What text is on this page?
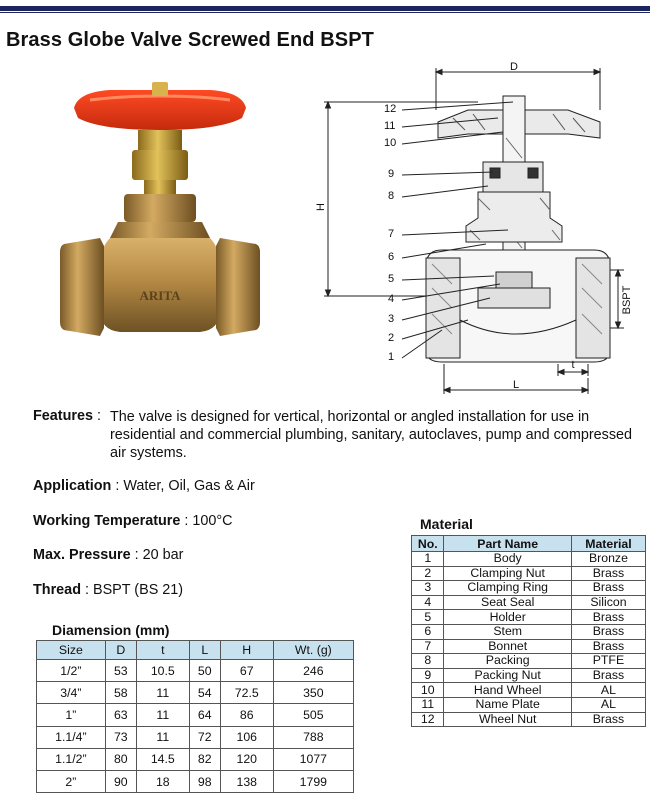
Brass Globe Valve Screwed End BSPT
ARITA
D
H
L
t
BSPT
12
11
10
9
8
7
6
5
4
3
2
1
Features : The valve is designed for vertical, horizontal or angled installation for use in residential and commercial plumbing, sanitary, autoclaves, pump and compressed air systems.
Application : Water, Oil, Gas & Air
Working Temperature : 100°C
Max. Pressure : 20 bar
Thread : BSPT (BS 21)
Diamension (mm)
Size	D	t	L	H	Wt. (g)
1/2”	53	10.5	50	67	246
3/4”	58	11	54	72.5	350
1”	63	11	64	86	505
1.1/4”	73	11	72	106	788
1.1/2”	80	14.5	82	120	1077
2”	90	18	98	138	1799
Material
No.	Part Name	Material
1	Body	Bronze
2	Clamping Nut	Brass
3	Clamping Ring	Brass
4	Seat Seal	Silicon
5	Holder	Brass
6	Stem	Brass
7	Bonnet	Brass
8	Packing	PTFE
9	Packing Nut	Brass
10	Hand Wheel	AL
11	Name Plate	AL
12	Wheel Nut	Brass
